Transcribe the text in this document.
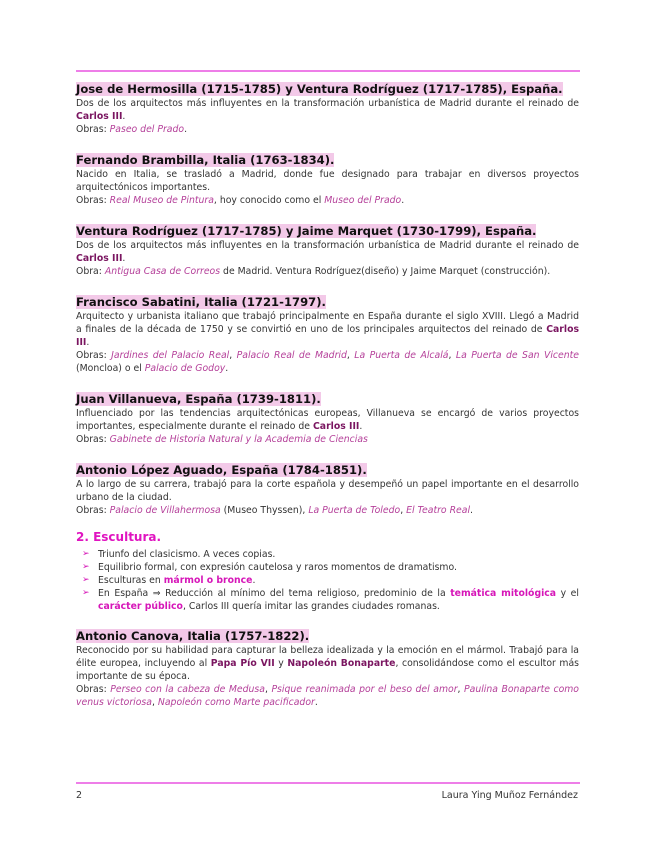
Jose de Hermosilla (1715-1785) y Ventura Rodríguez (1717-1785), España.

Dos de los arquitectos más influyentes en la transformación urbanística de Madrid durante el reinado de Carlos III.

Obras: Paseo del Prado.

Fernando Brambilla, Italia (1763-1834).

Nacido en Italia, se trasladó a Madrid, donde fue designado para trabajar en diversos proyectos arquitectónicos importantes.

Obras: Real Museo de Pintura, hoy conocido como el Museo del Prado.

Ventura Rodríguez (1717-1785) y Jaime Marquet (1730-1799), España.

Dos de los arquitectos más influyentes en la transformación urbanística de Madrid durante el reinado de Carlos III.

Obra: Antigua Casa de Correos de Madrid. Ventura Rodríguez(diseño) y Jaime Marquet (construcción).

Francisco Sabatini, Italia (1721-1797).

Arquitecto y urbanista italiano que trabajó principalmente en España durante el siglo XVIII. Llegó a Madrid a finales de la década de 1750 y se convirtió en uno de los principales arquitectos del reinado de Carlos III.

Obras: Jardines del Palacio Real, Palacio Real de Madrid, La Puerta de Alcalá, La Puerta de San Vicente (Moncloa) o el Palacio de Godoy.

Juan Villanueva, España (1739-1811).

Influenciado por las tendencias arquitectónicas europeas, Villanueva se encargó de varios proyectos importantes, especialmente durante el reinado de Carlos III.

Obras: Gabinete de Historia Natural y la Academia de Ciencias

Antonio López Aguado, España (1784-1851).

A lo largo de su carrera, trabajó para la corte española y desempeñó un papel importante en el desarrollo urbano de la ciudad.

Obras: Palacio de Villahermosa (Museo Thyssen), La Puerta de Toledo, El Teatro Real.

2. Escultura.
➢ Triunfo del clasicismo. A veces copias.
➢ Equilibrio formal, con expresión cautelosa y raros momentos de dramatismo.
➢ Esculturas en mármol o bronce.
➢ En España ⇒ Reducción al mínimo del tema religioso, predominio de la temática mitológica y el carácter público, Carlos III quería imitar las grandes ciudades romanas.
Antonio Canova, Italia (1757-1822).

Reconocido por su habilidad para capturar la belleza idealizada y la emoción en el mármol. Trabajó para la élite europea, incluyendo al Papa Pío VII y Napoleón Bonaparte, consolidándose como el escultor más importante de su época.

Obras: Perseo con la cabeza de Medusa, Psique reanimada por el beso del amor, Paulina Bonaparte como venus victoriosa, Napoleón como Marte pacificador.

2	Laura Ying Muñoz Fernández
